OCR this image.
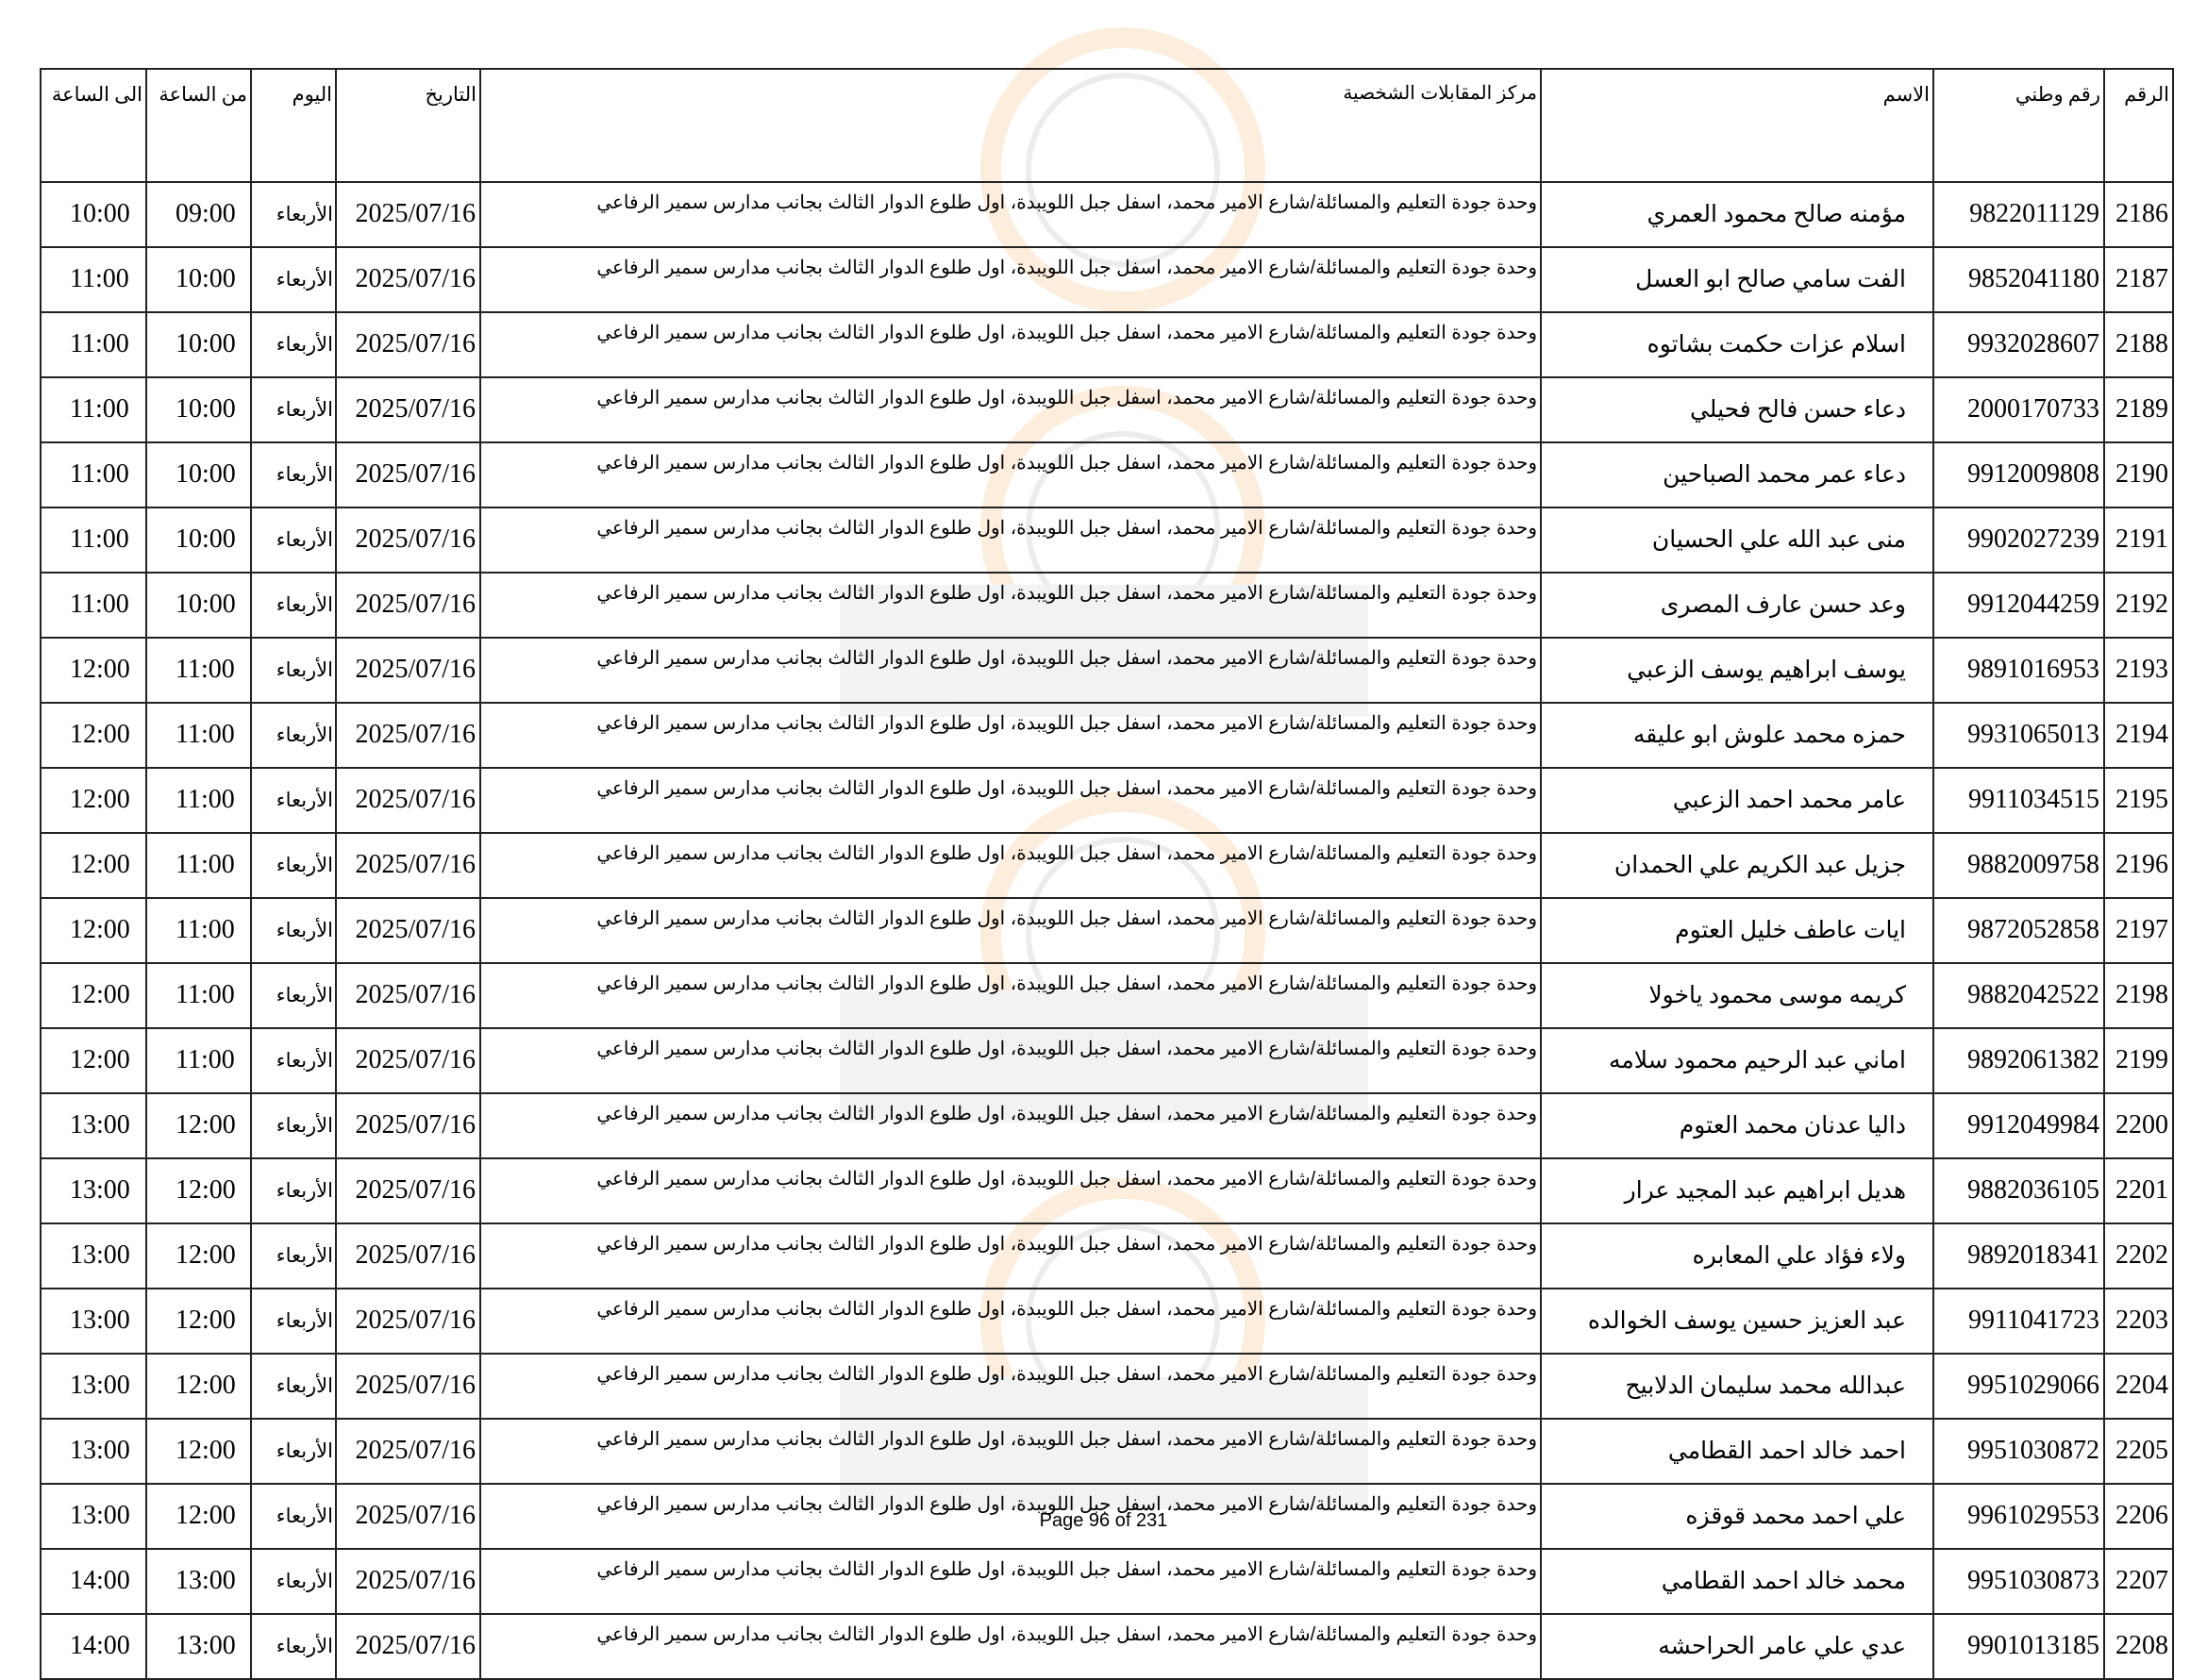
الرقم	رقم وطني	الاسم	مركز المقابلات الشخصية	التاريخ	اليوم	من الساعة	الى الساعة
2186	9822011129	مؤمنه صالح محمود العمري	وحدة جودة التعليم والمسائلة/شارع الامير محمد، اسفل جبل اللويبدة، اول طلوع الدوار الثالث بجانب مدارس سمير الرفاعي	2025/07/16	الأربعاء	09:00	10:00
2187	9852041180	الفت سامي صالح ابو العسل	وحدة جودة التعليم والمسائلة/شارع الامير محمد، اسفل جبل اللويبدة، اول طلوع الدوار الثالث بجانب مدارس سمير الرفاعي	2025/07/16	الأربعاء	10:00	11:00
2188	9932028607	اسلام عزات حكمت بشاتوه	وحدة جودة التعليم والمسائلة/شارع الامير محمد، اسفل جبل اللويبدة، اول طلوع الدوار الثالث بجانب مدارس سمير الرفاعي	2025/07/16	الأربعاء	10:00	11:00
2189	2000170733	دعاء حسن فالح فحيلي	وحدة جودة التعليم والمسائلة/شارع الامير محمد، اسفل جبل اللويبدة، اول طلوع الدوار الثالث بجانب مدارس سمير الرفاعي	2025/07/16	الأربعاء	10:00	11:00
2190	9912009808	دعاء عمر محمد الصباحين	وحدة جودة التعليم والمسائلة/شارع الامير محمد، اسفل جبل اللويبدة، اول طلوع الدوار الثالث بجانب مدارس سمير الرفاعي	2025/07/16	الأربعاء	10:00	11:00
2191	9902027239	منى عبد الله علي الحسيان	وحدة جودة التعليم والمسائلة/شارع الامير محمد، اسفل جبل اللويبدة، اول طلوع الدوار الثالث بجانب مدارس سمير الرفاعي	2025/07/16	الأربعاء	10:00	11:00
2192	9912044259	وعد حسن عارف المصرى	وحدة جودة التعليم والمسائلة/شارع الامير محمد، اسفل جبل اللويبدة، اول طلوع الدوار الثالث بجانب مدارس سمير الرفاعي	2025/07/16	الأربعاء	10:00	11:00
2193	9891016953	يوسف ابراهيم يوسف الزعبي	وحدة جودة التعليم والمسائلة/شارع الامير محمد، اسفل جبل اللويبدة، اول طلوع الدوار الثالث بجانب مدارس سمير الرفاعي	2025/07/16	الأربعاء	11:00	12:00
2194	9931065013	حمزه محمد علوش ابو عليقه	وحدة جودة التعليم والمسائلة/شارع الامير محمد، اسفل جبل اللويبدة، اول طلوع الدوار الثالث بجانب مدارس سمير الرفاعي	2025/07/16	الأربعاء	11:00	12:00
2195	9911034515	عامر محمد احمد الزعبي	وحدة جودة التعليم والمسائلة/شارع الامير محمد، اسفل جبل اللويبدة، اول طلوع الدوار الثالث بجانب مدارس سمير الرفاعي	2025/07/16	الأربعاء	11:00	12:00
2196	9882009758	جزيل عبد الكريم علي الحمدان	وحدة جودة التعليم والمسائلة/شارع الامير محمد، اسفل جبل اللويبدة، اول طلوع الدوار الثالث بجانب مدارس سمير الرفاعي	2025/07/16	الأربعاء	11:00	12:00
2197	9872052858	ايات عاطف خليل العتوم	وحدة جودة التعليم والمسائلة/شارع الامير محمد، اسفل جبل اللويبدة، اول طلوع الدوار الثالث بجانب مدارس سمير الرفاعي	2025/07/16	الأربعاء	11:00	12:00
2198	9882042522	كريمه موسى محمود ياخولا	وحدة جودة التعليم والمسائلة/شارع الامير محمد، اسفل جبل اللويبدة، اول طلوع الدوار الثالث بجانب مدارس سمير الرفاعي	2025/07/16	الأربعاء	11:00	12:00
2199	9892061382	اماني عبد الرحيم محمود سلامه	وحدة جودة التعليم والمسائلة/شارع الامير محمد، اسفل جبل اللويبدة، اول طلوع الدوار الثالث بجانب مدارس سمير الرفاعي	2025/07/16	الأربعاء	11:00	12:00
2200	9912049984	داليا عدنان محمد العتوم	وحدة جودة التعليم والمسائلة/شارع الامير محمد، اسفل جبل اللويبدة، اول طلوع الدوار الثالث بجانب مدارس سمير الرفاعي	2025/07/16	الأربعاء	12:00	13:00
2201	9882036105	هديل ابراهيم عبد المجيد عرار	وحدة جودة التعليم والمسائلة/شارع الامير محمد، اسفل جبل اللويبدة، اول طلوع الدوار الثالث بجانب مدارس سمير الرفاعي	2025/07/16	الأربعاء	12:00	13:00
2202	9892018341	ولاء فؤاد علي المعابره	وحدة جودة التعليم والمسائلة/شارع الامير محمد، اسفل جبل اللويبدة، اول طلوع الدوار الثالث بجانب مدارس سمير الرفاعي	2025/07/16	الأربعاء	12:00	13:00
2203	9911041723	عبد العزيز حسين يوسف الخوالده	وحدة جودة التعليم والمسائلة/شارع الامير محمد، اسفل جبل اللويبدة، اول طلوع الدوار الثالث بجانب مدارس سمير الرفاعي	2025/07/16	الأربعاء	12:00	13:00
2204	9951029066	عبدالله محمد سليمان الدلابيح	وحدة جودة التعليم والمسائلة/شارع الامير محمد، اسفل جبل اللويبدة، اول طلوع الدوار الثالث بجانب مدارس سمير الرفاعي	2025/07/16	الأربعاء	12:00	13:00
2205	9951030872	احمد خالد احمد القطامي	وحدة جودة التعليم والمسائلة/شارع الامير محمد، اسفل جبل اللويبدة، اول طلوع الدوار الثالث بجانب مدارس سمير الرفاعي	2025/07/16	الأربعاء	12:00	13:00
2206	9961029553	علي احمد محمد قوقزه	وحدة جودة التعليم والمسائلة/شارع الامير محمد، اسفل جبل اللويبدة، اول طلوع الدوار الثالث بجانب مدارس سمير الرفاعي	2025/07/16	الأربعاء	12:00	13:00
2207	9951030873	محمد خالد احمد القطامي	وحدة جودة التعليم والمسائلة/شارع الامير محمد، اسفل جبل اللويبدة، اول طلوع الدوار الثالث بجانب مدارس سمير الرفاعي	2025/07/16	الأربعاء	13:00	14:00
2208	9901013185	عدي علي عامر الحراحشه	وحدة جودة التعليم والمسائلة/شارع الامير محمد، اسفل جبل اللويبدة، اول طلوع الدوار الثالث بجانب مدارس سمير الرفاعي	2025/07/16	الأربعاء	13:00	14:00
Page 96 of 231
